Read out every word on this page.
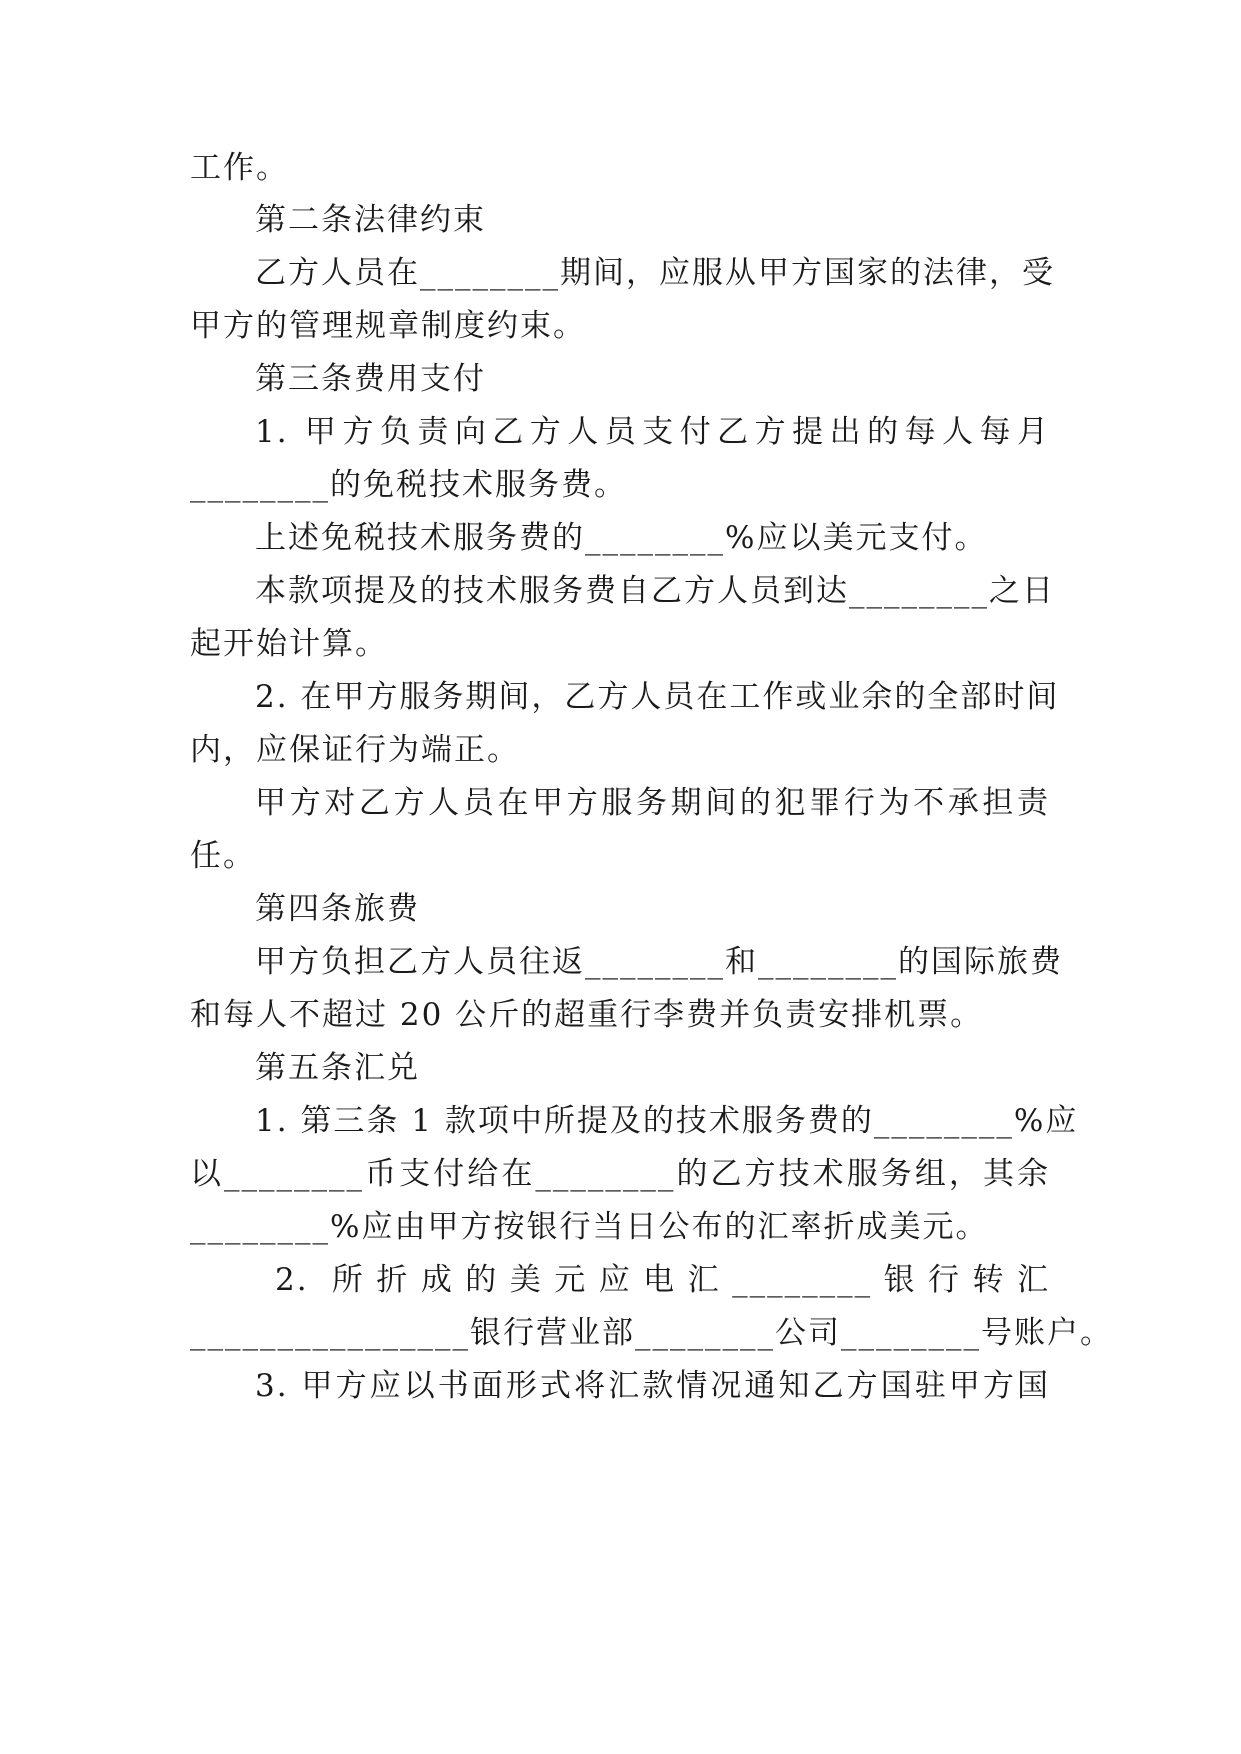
工作。
第二条法律约束
乙方人员在________期间，应服从甲方国家的法律，受
甲方的管理规章制度约束。
第三条费用支付
1. 甲方负责向乙方人员支付乙方提出的每人每月
________的免税技术服务费。
上述免税技术服务费的________%应以美元支付。
本款项提及的技术服务费自乙方人员到达________之日
起开始计算。
2. 在甲方服务期间，乙方人员在工作或业余的全部时间
内，应保证行为端正。
甲方对乙方人员在甲方服务期间的犯罪行为不承担责
任。
第四条旅费
甲方负担乙方人员往返________和________的国际旅费
和每人不超过 20 公斤的超重行李费并负责安排机票。
第五条汇兑
1. 第三条 1 款项中所提及的技术服务费的________%应
以________币支付给在________的乙方技术服务组，其余
________%应由甲方按银行当日公布的汇率折成美元。
2. 所折成的美元应电汇________银行转汇
________________银行营业部________公司________号账户。
3. 甲方应以书面形式将汇款情况通知乙方国驻甲方国
